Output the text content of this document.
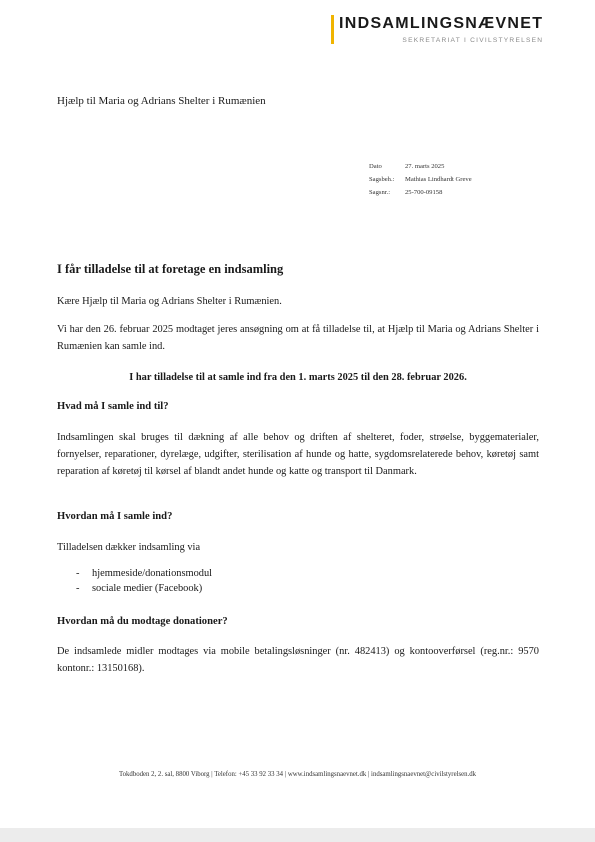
INDSAMLINGSNÆVNET
SEKRETARIAT I CIVILSTYRELSEN
Hjælp til Maria og Adrians Shelter i Rumænien
Dato	27. marts 2025
Sagsbeh.:	Mathias Lindhardt Greve
Sagsnr.:	25-700-09158
I får tilladelse til at foretage en indsamling

Kære Hjælp til Maria og Adrians Shelter i Rumænien.

Vi har den 26. februar 2025 modtaget jeres ansøgning om at få tilladelse til, at Hjælp til Maria og Adrians Shelter i Rumænien kan samle ind.

I har tilladelse til at samle ind fra den 1. marts 2025 til den 28. februar 2026.

Hvad må I samle ind til?

Indsamlingen skal bruges til dækning af alle behov og driften af shelteret, foder, strøelse, byggematerialer, fornyelser, reparationer, dyrelæge, udgifter, sterilisation af hunde og hatte, sygdomsrelaterede behov, køretøj samt reparation af køretøj til kørsel af blandt andet hunde og katte og transport til Danmark.

Hvordan må I samle ind?

Tilladelsen dækker indsamling via

-	hjemmeside/donationsmodul
-	sociale medier (Facebook)
Hvordan må du modtage donationer?

De indsamlede midler modtages via mobile betalingsløsninger (nr. 482413) og kontooverførsel (reg.nr.: 9570 kontonr.: 13150168).

Tokdboden 2, 2. sal, 8800 Viborg | Telefon: +45 33 92 33 34 | www.indsamlingsnaevnet.dk | indsamlingsnaevnet@civilstyrelsen.dk
